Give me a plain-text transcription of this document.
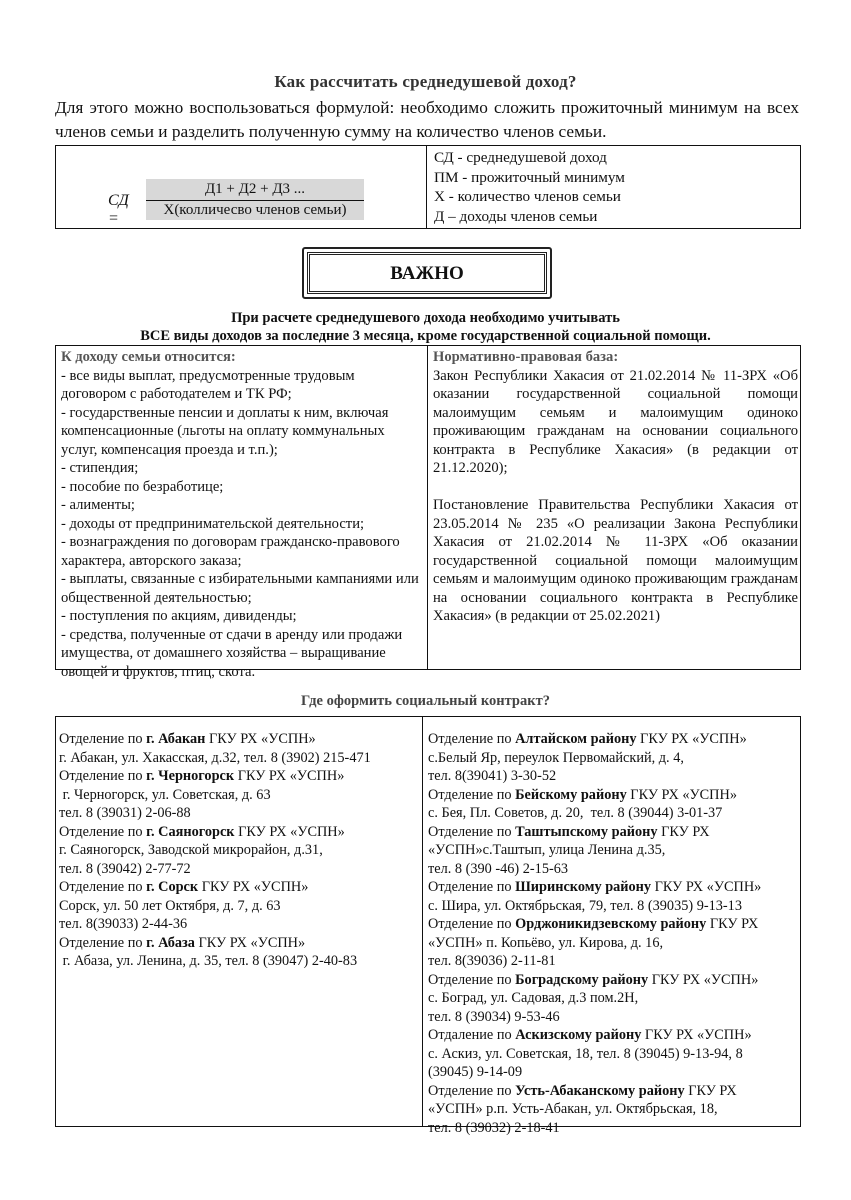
Как рассчитать среднедушевой доход?
Для этого можно воспользоваться формулой: необходимо сложить прожиточный минимум на всех членов семьи и разделить полученную сумму на количество членов семьи.
СД =
Д1 + Д2 + Д3 ...
Х(колличесво членов семьи)
СД - среднедушевой доход
ПМ - прожиточный минимум
Х - количество членов семьи
Д – доходы членов семьи
ВАЖНО
При расчете среднедушевого дохода необходимо учитывать
ВСЕ виды доходов за последние 3 месяца, кроме государственной социальной помощи.
К доходу семьи относится:
- все виды выплат, предусмотренные трудовым договором с работодателем и ТК РФ;
- государственные пенсии и доплаты к ним, включая компенсационные (льготы на оплату коммунальных услуг, компенсация проезда и т.п.);
- стипендия;
- пособие по безработице;
- алименты;
- доходы от предпринимательской деятельности;
- вознаграждения по договорам гражданско-правового характера, авторского заказа;
- выплаты, связанные с избирательными кампаниями или общественной деятельностью;
- поступления по акциям, дивиденды;
- средства, полученные от сдачи в аренду или продажи имущества, от домашнего хозяйства – выращивание овощей и фруктов, птиц, скота.
Нормативно-правовая база:
Закон Республики Хакасия от 21.02.2014 № 11-ЗРХ «Об оказании государственной социальной помощи малоимущим семьям и малоимущим одиноко проживающим гражданам на основании социального контракта в Республике Хакасия» (в редакции от 21.12.2020);
Постановление Правительства Республики Хакасия от 23.05.2014 № 235 «О реализации Закона Республики Хакасия от 21.02.2014 № 11-ЗРХ «Об оказании государственной социальной помощи малоимущим семьям и малоимущим одиноко проживающим гражданам на основании социального контракта в Республике Хакасия» (в редакции от 25.02.2021)
Где оформить социальный контракт?
Отделение по г. Абакан ГКУ РХ «УСПН»
г. Абакан, ул. Хакасская, д.32, тел. 8 (3902) 215-471
Отделение по г. Черногорск ГКУ РХ «УСПН»
г. Черногорск, ул. Советская, д. 63
тел. 8 (39031) 2-06-88
Отделение по г. Саяногорск ГКУ РХ «УСПН»
г. Саяногорск, Заводской микрорайон, д.31,
тел. 8 (39042) 2-77-72
Отделение по г. Сорск ГКУ РХ «УСПН»
Сорск, ул. 50 лет Октября, д. 7, д. 63
тел. 8(39033) 2-44-36
Отделение по г. Абаза ГКУ РХ «УСПН»
г. Абаза, ул. Ленина, д. 35, тел. 8 (39047) 2-40-83
Отделение по Алтайском району ГКУ РХ «УСПН»
с.Белый Яр, переулок Первомайский, д. 4,
тел. 8(39041) 3-30-52
Отделение по Бейскому району ГКУ РХ «УСПН»
с. Бея, Пл. Советов, д. 20,  тел. 8 (39044) 3-01-37
Отделение по Таштыпскому району ГКУ РХ
«УСПН»с.Таштып, улица Ленина д.35,
тел. 8 (390 -46) 2-15-63
Отделение по Ширинскому району ГКУ РХ «УСПН»
с. Шира, ул. Октябрьская, 79, тел. 8 (39035) 9-13-13
Отделение по Орджоникидзевскому району ГКУ РХ
«УСПН» п. Копьёво, ул. Кирова, д. 16,
тел. 8(39036) 2-11-81
Отделение по Боградскому району ГКУ РХ «УСПН»
с. Боград, ул. Садовая, д.3 пом.2Н,
тел. 8 (39034) 9-53-46
Отдаление по Аскизскому району ГКУ РХ «УСПН»
с. Аскиз, ул. Советская, 18, тел. 8 (39045) 9-13-94, 8
(39045) 9-14-09
Отделение по Усть-Абаканскому району ГКУ РХ
«УСПН» р.п. Усть-Абакан, ул. Октябрьская, 18,
тел. 8 (39032) 2-18-41
